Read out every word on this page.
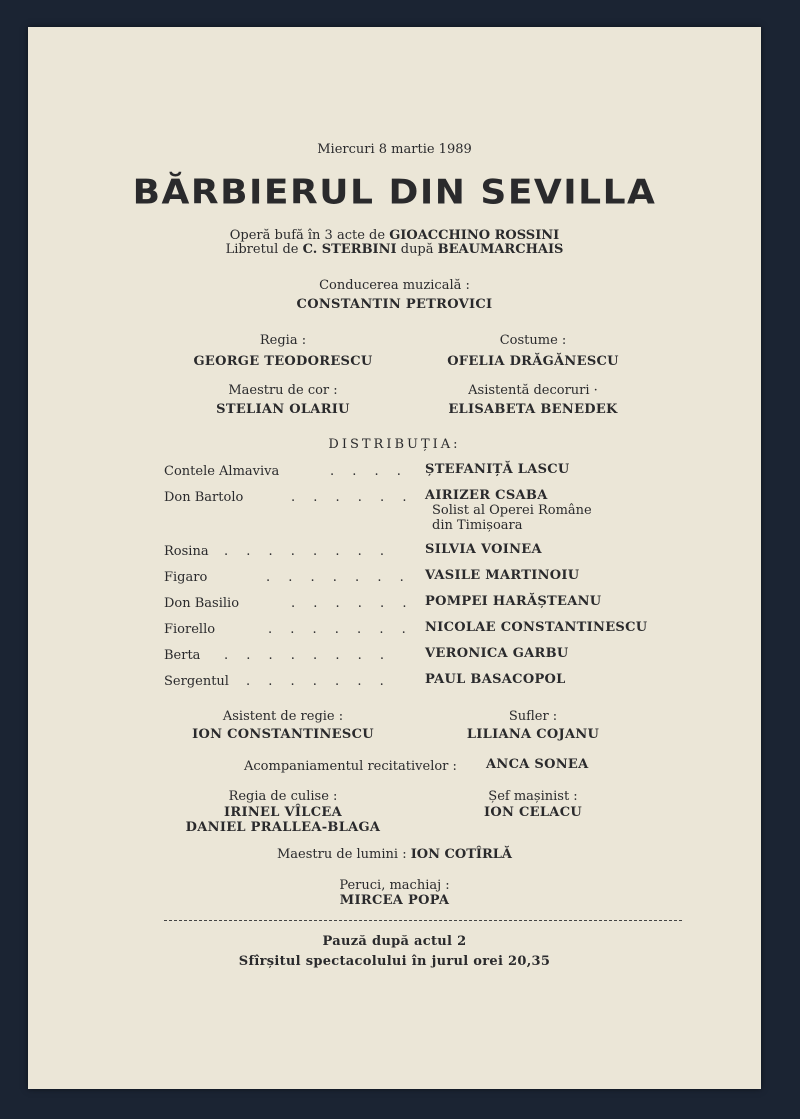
Miercuri 8 martie 1989
BĂRBIERUL DIN SEVILLA
Operă bufă în 3 acte de GIOACCHINO ROSSINI
Libretul de C. STERBINI după BEAUMARCHAIS
Conducerea muzicală :
CONSTANTIN PETROVICI
Regia :
GEORGE TEODORESCU
Costume :
OFELIA DRĂGĂNESCU
Maestru de cor :
STELIAN OLARIU
Asistentă decoruri ·
ELISABETA BENEDEK
DISTRIBUȚIA:
Contele Almaviva	. . . . ȘTEFANIȚĂ LASCU
Don Bartolo	. . . . . . AIRIZER CSABA
Solist al Operei Române
din Timișoara
Rosina . . . . . . . .	SILVIA VOINEA
Figaro	. . . . . . . VASILE MARTINOIU
Don Basilio	. . . . . . POMPEI HARĂȘTEANU
Fiorello	. . . . . . . NICOLAE CONSTANTINESCU
Berta . . . . . . . .	VERONICA GARBU
Sergentul . . . . . . .	PAUL BASACOPOL
Asistent de regie :
ION CONSTANTINESCU
Sufler :
LILIANA COJANU
Acompaniamentul recitativelor : ANCA SONEA
Regia de culise :
IRINEL VÎLCEA
DANIEL PRALLEA-BLAGA
Șef mașinist :
ION CELACU
Maestru de lumini : ION COTÎRLĂ
Peruci, machiaj :
MIRCEA POPA
Pauză după actul 2
Sfîrșitul spectacolului în jurul orei 20,35
